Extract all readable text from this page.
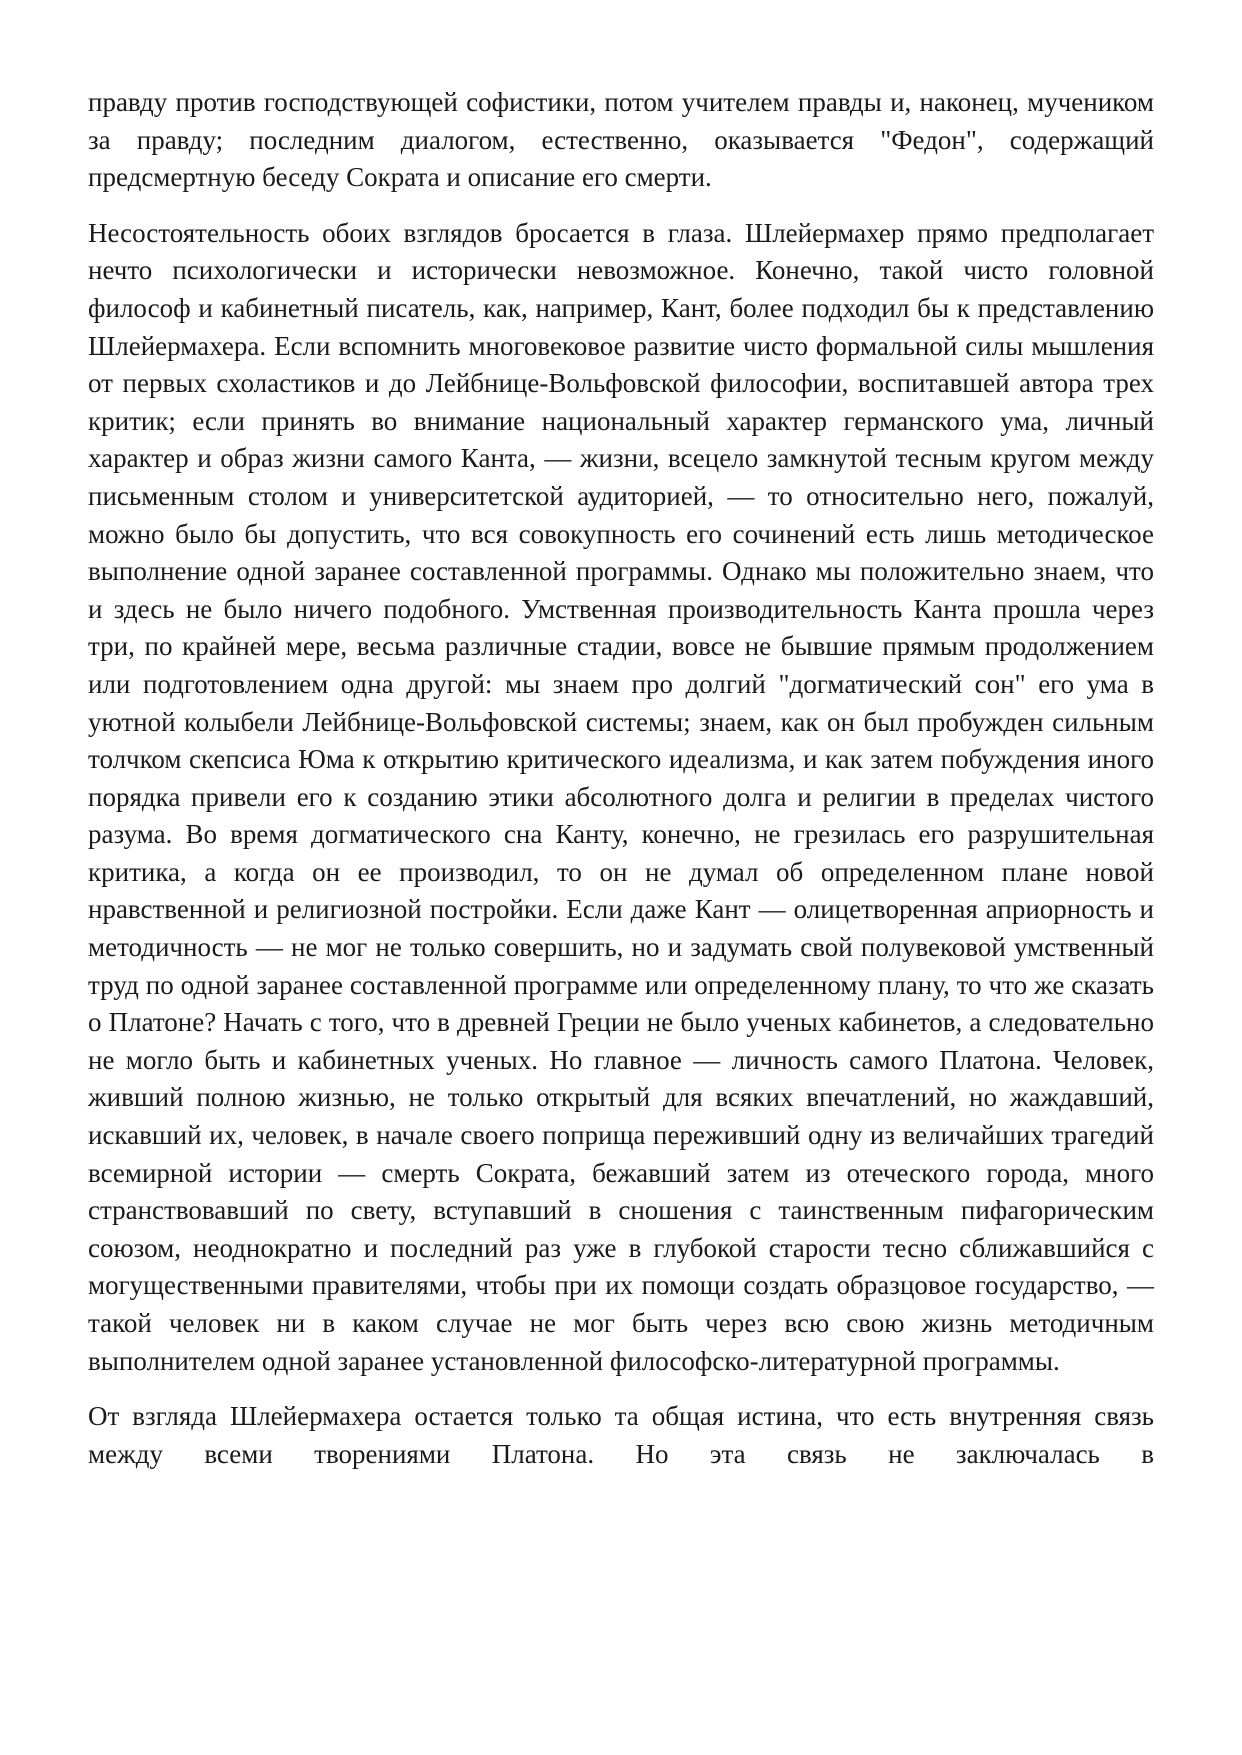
правду против господствующей софистики, потом учителем правды и, наконец, мучеником за правду; последним диалогом, естественно, оказывается "Федон", содержащий предсмертную беседу Сократа и описание его смерти.

Несостоятельность обоих взглядов бросается в глаза. Шлейермахер прямо предполагает нечто психологически и исторически невозможное. Конечно, такой чисто головной философ и кабинетный писатель, как, например, Кант, более подходил бы к представлению Шлейермахера. Если вспомнить многовековое развитие чисто формальной силы мышления от первых схоластиков и до Лейбнице-Вольфовской философии, воспитавшей автора трех критик; если принять во внимание национальный характер германского ума, личный характер и образ жизни самого Канта, — жизни, всецело замкнутой тесным кругом между письменным столом и университетской аудиторией, — то относительно него, пожалуй, можно было бы допустить, что вся совокупность его сочинений есть лишь методическое выполнение одной заранее составленной программы. Однако мы положительно знаем, что и здесь не было ничего подобного. Умственная производительность Канта прошла через три, по крайней мере, весьма различные стадии, вовсе не бывшие прямым продолжением или подготовлением одна другой: мы знаем про долгий "догматический сон" его ума в уютной колыбели Лейбнице-Вольфовской системы; знаем, как он был пробужден сильным толчком скепсиса Юма к открытию критического идеализма, и как затем побуждения иного порядка привели его к созданию этики абсолютного долга и религии в пределах чистого разума. Во время догматического сна Канту, конечно, не грезилась его разрушительная критика, а когда он ее производил, то он не думал об определенном плане новой нравственной и религиозной постройки. Если даже Кант — олицетворенная априорность и методичность — не мог не только совершить, но и задумать свой полувековой умственный труд по одной заранее составленной программе или определенному плану, то что же сказать о Платоне? Начать с того, что в древней Греции не было ученых кабинетов, а следовательно не могло быть и кабинетных ученых. Но главное — личность самого Платона. Человек, живший полною жизнью, не только открытый для всяких впечатлений, но жаждавший, искавший их, человек, в начале своего поприща переживший одну из величайших трагедий всемирной истории — смерть Сократа, бежавший затем из отеческого города, много странствовавший по свету, вступавший в сношения с таинственным пифагорическим союзом, неоднократно и последний раз уже в глубокой старости тесно сближавшийся с могущественными правителями, чтобы при их помощи создать образцовое государство, — такой человек ни в каком случае не мог быть через всю свою жизнь методичным выполнителем одной заранее установленной философско-литературной программы.

От взгляда Шлейермахера остается только та общая истина, что есть внутренняя связь между всеми творениями Платона. Но эта связь не заключалась в
